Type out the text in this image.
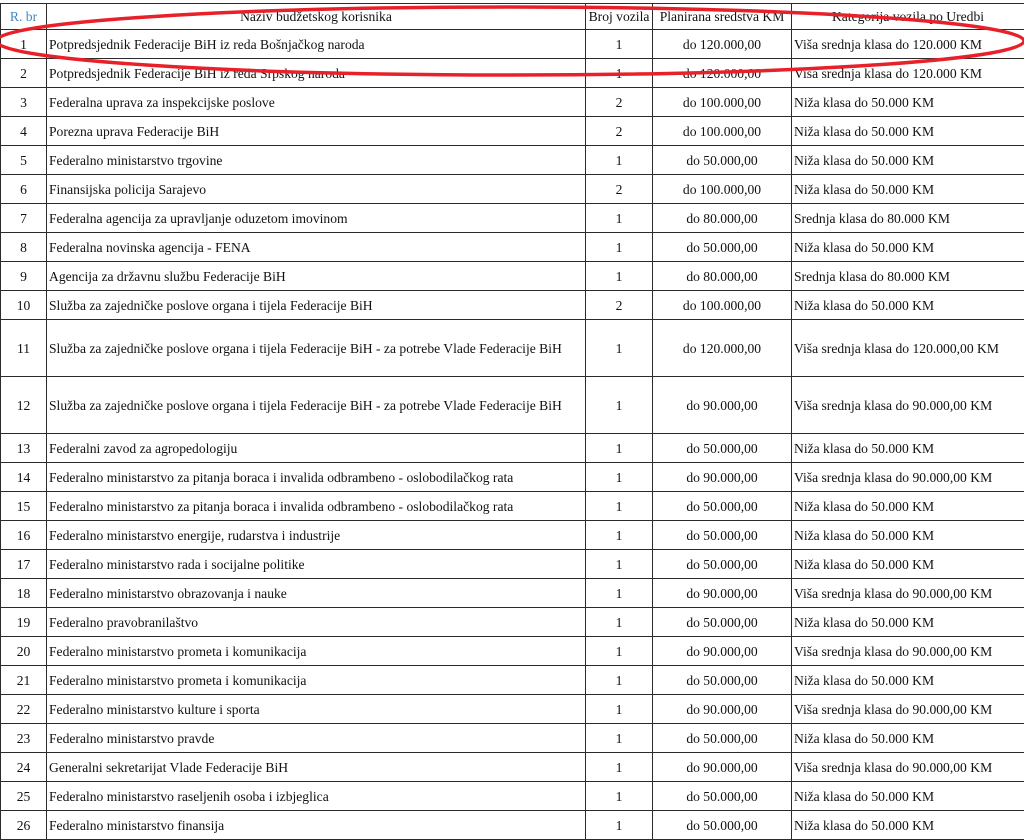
R. br	Naziv budžetskog korisnika	Broj vozila	Planirana sredstva KM	Kategorija vozila po Uredbi
1	Potpredsjednik Federacije BiH iz reda Bošnjačkog naroda	1	do 120.000,00	Viša srednja klasa do 120.000 KM
2	Potpredsjednik Federacije BiH iz reda Srpskog naroda	1	do 120.000,00	Viša srednja klasa do 120.000 KM
3	Federalna uprava za inspekcijske poslove	2	do 100.000,00	Niža klasa do 50.000 KM
4	Porezna uprava Federacije BiH	2	do 100.000,00	Niža klasa do 50.000 KM
5	Federalno ministarstvo trgovine	1	do 50.000,00	Niža klasa do 50.000 KM
6	Finansijska policija Sarajevo	2	do 100.000,00	Niža klasa do 50.000 KM
7	Federalna agencija za upravljanje oduzetom imovinom	1	do 80.000,00	Srednja klasa do 80.000 KM
8	Federalna novinska agencija - FENA	1	do 50.000,00	Niža klasa do 50.000 KM
9	Agencija za državnu službu Federacije BiH	1	do 80.000,00	Srednja klasa do 80.000 KM
10	Služba za zajedničke poslove organa i tijela Federacije BiH	2	do 100.000,00	Niža klasa do 50.000 KM
11	Služba za zajedničke poslove organa i tijela Federacije BiH - za potrebe Vlade Federacije BiH	1	do 120.000,00	Viša srednja klasa do 120.000,00 KM
12	Služba za zajedničke poslove organa i tijela Federacije BiH - za potrebe Vlade Federacije BiH	1	do 90.000,00	Viša srednja klasa do 90.000,00 KM
13	Federalni zavod za agropedologiju	1	do 50.000,00	Niža klasa do 50.000 KM
14	Federalno ministarstvo za pitanja boraca i invalida odbrambeno - oslobodilačkog rata	1	do 90.000,00	Viša srednja klasa do 90.000,00 KM
15	Federalno ministarstvo za pitanja boraca i invalida odbrambeno - oslobodilačkog rata	1	do 50.000,00	Niža klasa do 50.000 KM
16	Federalno ministarstvo energije, rudarstva i industrije	1	do 50.000,00	Niža klasa do 50.000 KM
17	Federalno ministarstvo rada i socijalne politike	1	do 50.000,00	Niža klasa do 50.000 KM
18	Federalno ministarstvo obrazovanja i nauke	1	do 90.000,00	Viša srednja klasa do 90.000,00 KM
19	Federalno pravobranilaštvo	1	do 50.000,00	Niža klasa do 50.000 KM
20	Federalno ministarstvo prometa i komunikacija	1	do 90.000,00	Viša srednja klasa do 90.000,00 KM
21	Federalno ministarstvo prometa i komunikacija	1	do 50.000,00	Niža klasa do 50.000 KM
22	Federalno ministarstvo kulture i sporta	1	do 90.000,00	Viša srednja klasa do 90.000,00 KM
23	Federalno ministarstvo pravde	1	do 50.000,00	Niža klasa do 50.000 KM
24	Generalni sekretarijat Vlade Federacije BiH	1	do 90.000,00	Viša srednja klasa do 90.000,00 KM
25	Federalno ministarstvo raseljenih osoba i izbjeglica	1	do 50.000,00	Niža klasa do 50.000 KM
26	Federalno ministarstvo finansija	1	do 50.000,00	Niža klasa do 50.000 KM
